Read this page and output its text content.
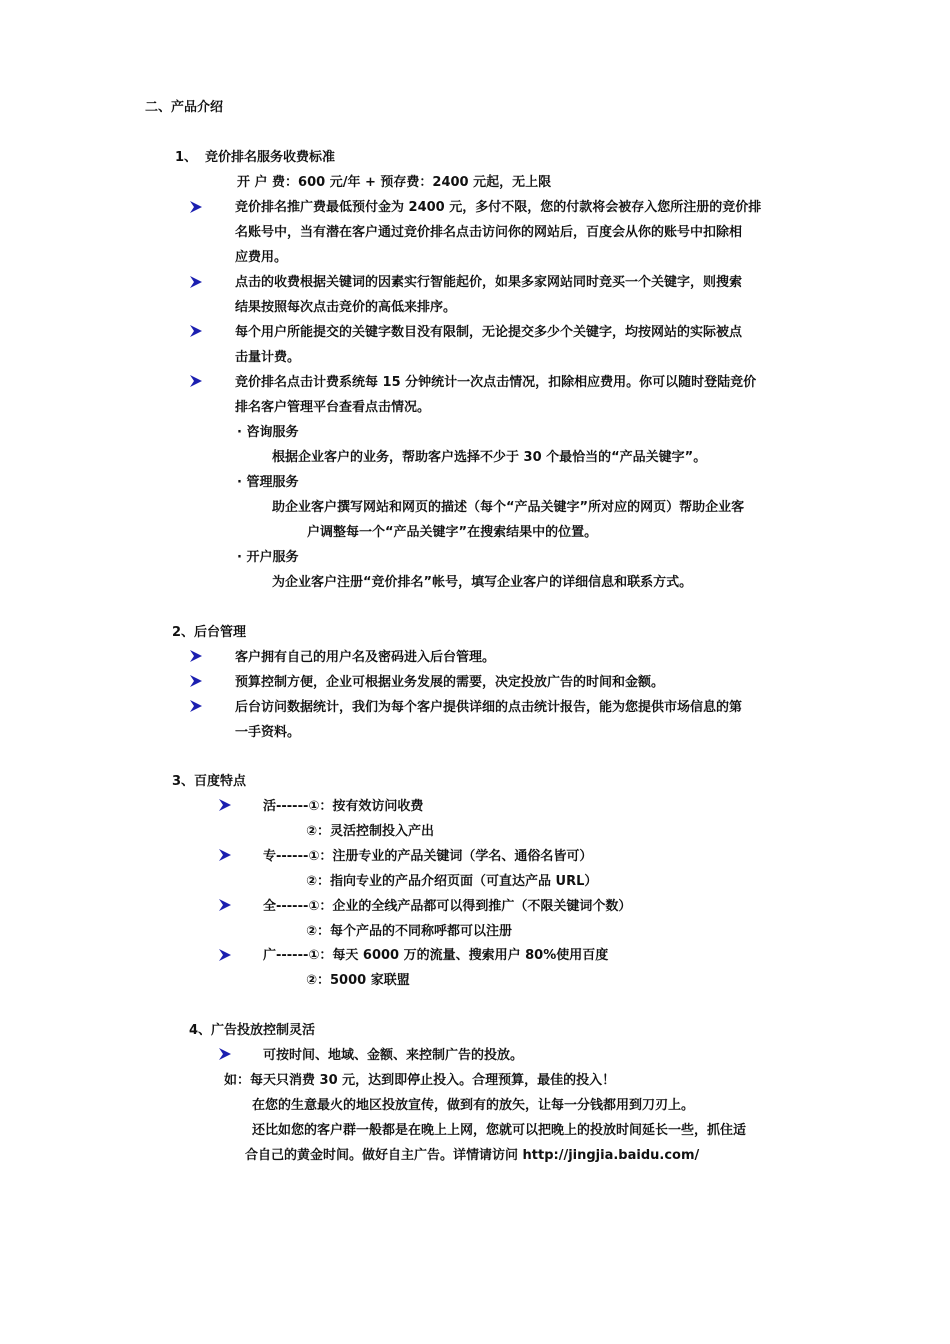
二、产品介绍
1、 竞价排名服务收费标准
开 户 费：600 元/年 + 预存费：2400 元起，无上限
竞价排名推广费最低预付金为 2400 元，多付不限，您的付款将会被存入您所注册的竞价排
名账号中，当有潜在客户通过竞价排名点击访问你的网站后，百度会从你的账号中扣除相
应费用。
点击的收费根据关键词的因素实行智能起价，如果多家网站同时竞买一个关键字，则搜索
结果按照每次点击竞价的高低来排序。
每个用户所能提交的关键字数目没有限制，无论提交多少个关键字，均按网站的实际被点
击量计费。
竞价排名点击计费系统每 15 分钟统计一次点击情况，扣除相应费用。你可以随时登陆竞价
排名客户管理平台查看点击情况。
· 咨询服务
根据企业客户的业务，帮助客户选择不少于 30 个最恰当的“产品关键字”。
· 管理服务
助企业客户撰写网站和网页的描述（每个“产品关键字”所对应的网页）帮助企业客
户调整每一个“产品关键字”在搜索结果中的位置。
· 开户服务
为企业客户注册“竞价排名”帐号，填写企业客户的详细信息和联系方式。
2、后台管理
客户拥有自己的用户名及密码进入后台管理。
预算控制方便，企业可根据业务发展的需要，决定投放广告的时间和金额。
后台访问数据统计，我们为每个客户提供详细的点击统计报告，能为您提供市场信息的第
一手资料。
3、百度特点
活------①：按有效访问收费
②：灵活控制投入产出
专------①：注册专业的产品关键词（学名、通俗名皆可）
②：指向专业的产品介绍页面（可直达产品 URL）
全------①：企业的全线产品都可以得到推广（不限关键词个数）
②：每个产品的不同称呼都可以注册
广------①：每天 6000 万的流量、搜索用户 80%使用百度
②：5000 家联盟
4、广告投放控制灵活
可按时间、地域、金额、来控制广告的投放。
如：每天只消费 30 元，达到即停止投入。合理预算，最佳的投入！
在您的生意最火的地区投放宣传，做到有的放矢，让每一分钱都用到刀刃上。
还比如您的客户群一般都是在晚上上网，您就可以把晚上的投放时间延长一些，抓住适
合自己的黄金时间。做好自主广告。详情请访问 http://jingjia.baidu.com/
